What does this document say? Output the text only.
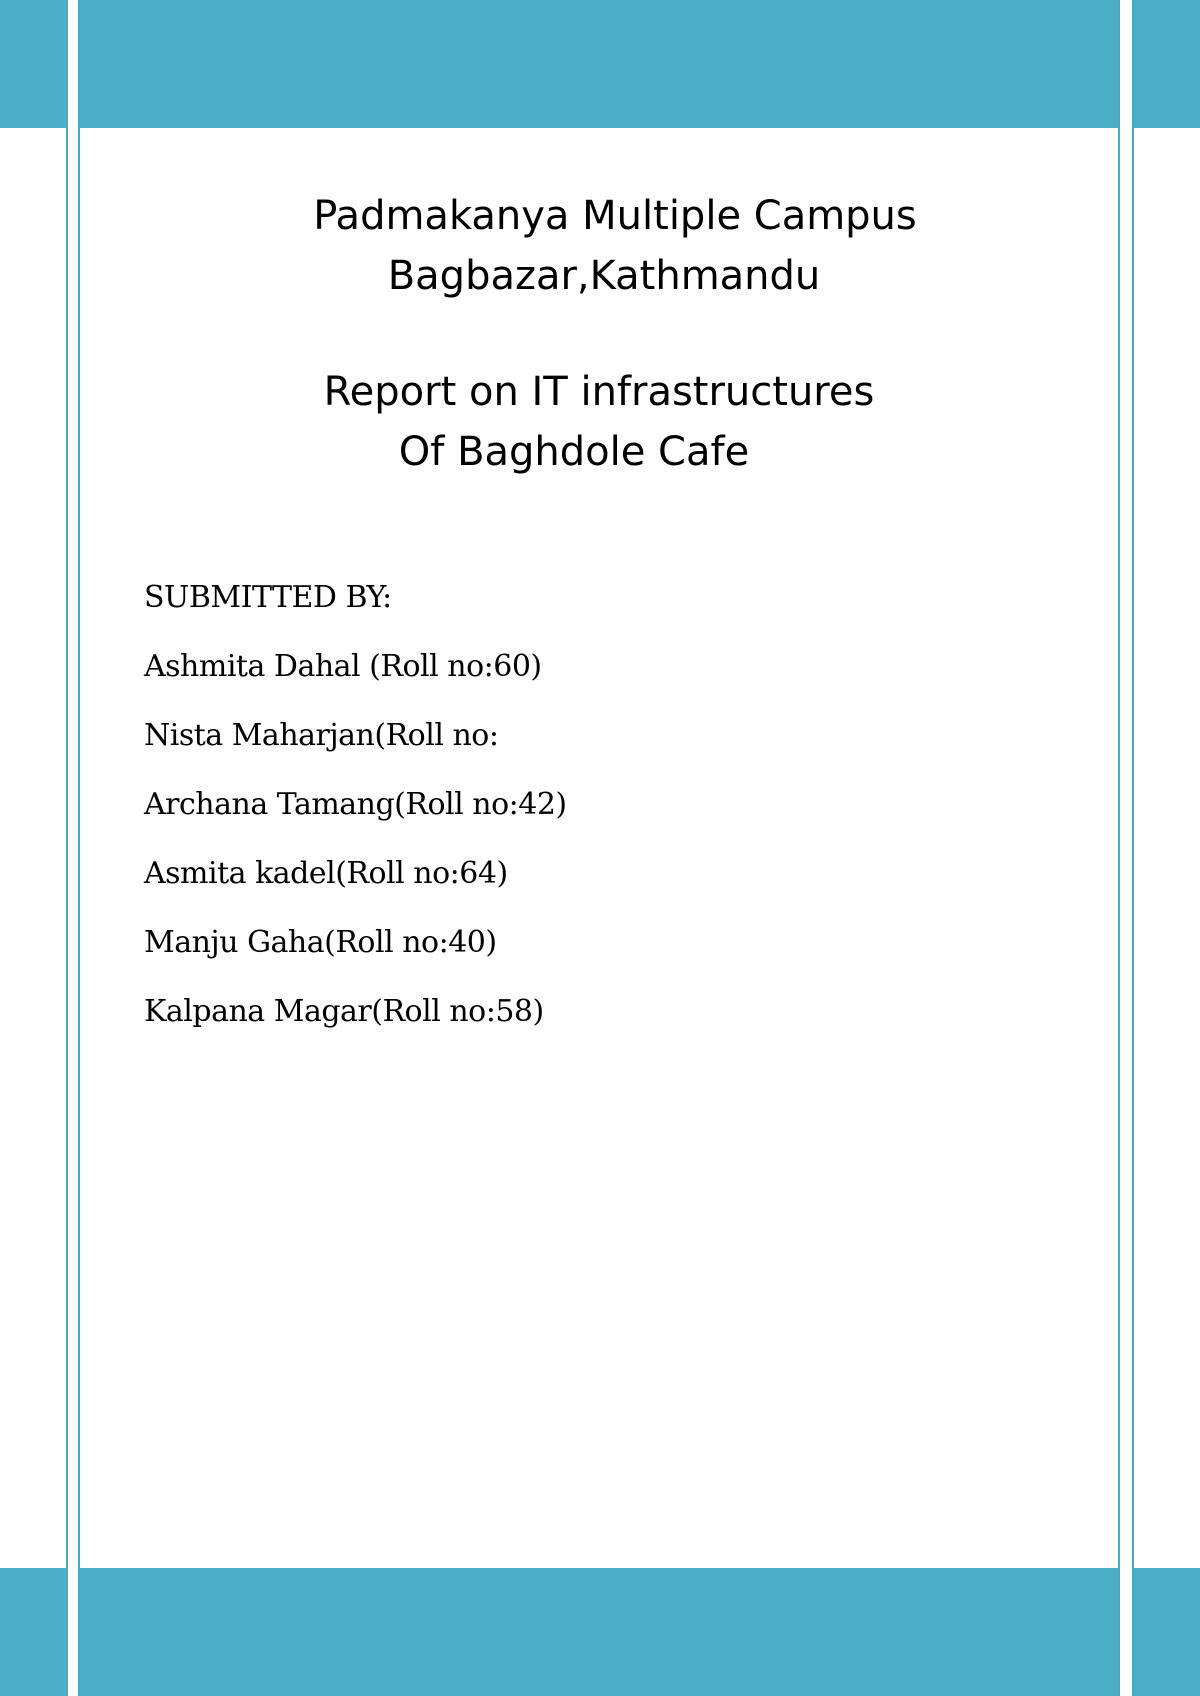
Padmakanya Multiple Campus
Bagbazar,Kathmandu
Report on IT infrastructures
Of Baghdole Cafe
SUBMITTED BY:
Ashmita Dahal (Roll no:60)
Nista Maharjan(Roll no:
Archana Tamang(Roll no:42)
Asmita kadel(Roll no:64)
Manju Gaha(Roll no:40)
Kalpana Magar(Roll no:58)
